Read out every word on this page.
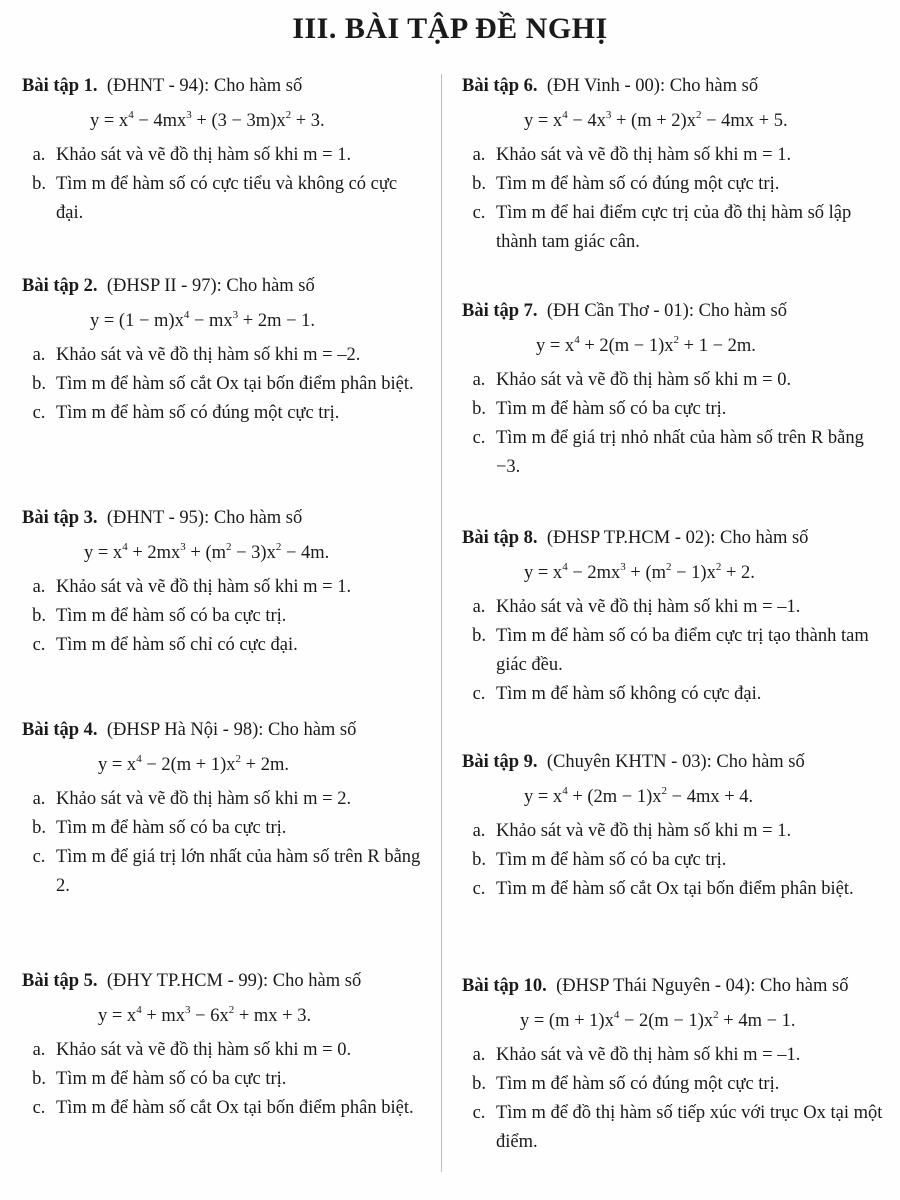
III. BÀI TẬP ĐỀ NGHỊ
Bài tập 1. (ĐHNT - 94): Cho hàm số
$y = x^4 - 4mx^3 + (3 - 3m)x^2 + 3$.
a. Khảo sát và vẽ đồ thị hàm số khi m = 1.
b. Tìm m để hàm số có cực tiểu và không có cực đại.
Bài tập 2. (ĐHSP II - 97): Cho hàm số
$y = (1 - m)x^4 - mx^3 + 2m - 1$.
a. Khảo sát và vẽ đồ thị hàm số khi m = –2.
b. Tìm m để hàm số cắt Ox tại bốn điểm phân biệt.
c. Tìm m để hàm số có đúng một cực trị.
Bài tập 3. (ĐHNT - 95): Cho hàm số
$y = x^4 + 2mx^3 + (m^2 - 3)x^2 - 4m$.
a. Khảo sát và vẽ đồ thị hàm số khi m = 1.
b. Tìm m để hàm số có ba cực trị.
c. Tìm m để hàm số chỉ có cực đại.
Bài tập 4. (ĐHSP Hà Nội - 98): Cho hàm số
$y = x^4 - 2(m + 1)x^2 + 2m$.
a. Khảo sát và vẽ đồ thị hàm số khi m = 2.
b. Tìm m để hàm số có ba cực trị.
c. Tìm m để giá trị lớn nhất của hàm số trên R bằng 2.
Bài tập 5. (ĐHY TP.HCM - 99): Cho hàm số
$y = x^4 + mx^3 - 6x^2$ + mx + 3.
a. Khảo sát và vẽ đồ thị hàm số khi m = 0.
b. Tìm m để hàm số có ba cực trị.
c. Tìm m để hàm số cắt Ox tại bốn điểm phân biệt.
Bài tập 6. (ĐH Vinh - 00): Cho hàm số
$y = x^4 - 4x^3 + (m + 2)x^2 - 4mx + 5$.
a. Khảo sát và vẽ đồ thị hàm số khi m = 1.
b. Tìm m để hàm số có đúng một cực trị.
c. Tìm m để hai điểm cực trị của đồ thị hàm số lập thành tam giác cân.
Bài tập 7. (ĐH Cần Thơ - 01): Cho hàm số
$y = x^4 + 2(m - 1)x^2 + 1 - 2m$.
a. Khảo sát và vẽ đồ thị hàm số khi m = 0.
b. Tìm m để hàm số có ba cực trị.
c. Tìm m để giá trị nhỏ nhất của hàm số trên R bằng −3.
Bài tập 8. (ĐHSP TP.HCM - 02): Cho hàm số
$y = x^4 - 2mx^3 + (m^2 - 1)x^2 + 2$.
a. Khảo sát và vẽ đồ thị hàm số khi m = –1.
b. Tìm m để hàm số có ba điểm cực trị tạo thành tam giác đều.
c. Tìm m để hàm số không có cực đại.
Bài tập 9. (Chuyên KHTN - 03): Cho hàm số
$y = x^4 + (2m - 1)x^2 - 4mx + 4$.
a. Khảo sát và vẽ đồ thị hàm số khi m = 1.
b. Tìm m để hàm số có ba cực trị.
c. Tìm m để hàm số cắt Ox tại bốn điểm phân biệt.
Bài tập 10. (ĐHSP Thái Nguyên - 04): Cho hàm số
$y = (m + 1)x^4 - 2(m - 1)x^2 + 4m - 1$.
a. Khảo sát và vẽ đồ thị hàm số khi m = –1.
b. Tìm m để hàm số có đúng một cực trị.
c. Tìm m để đồ thị hàm số tiếp xúc với trục Ox tại một điểm.
